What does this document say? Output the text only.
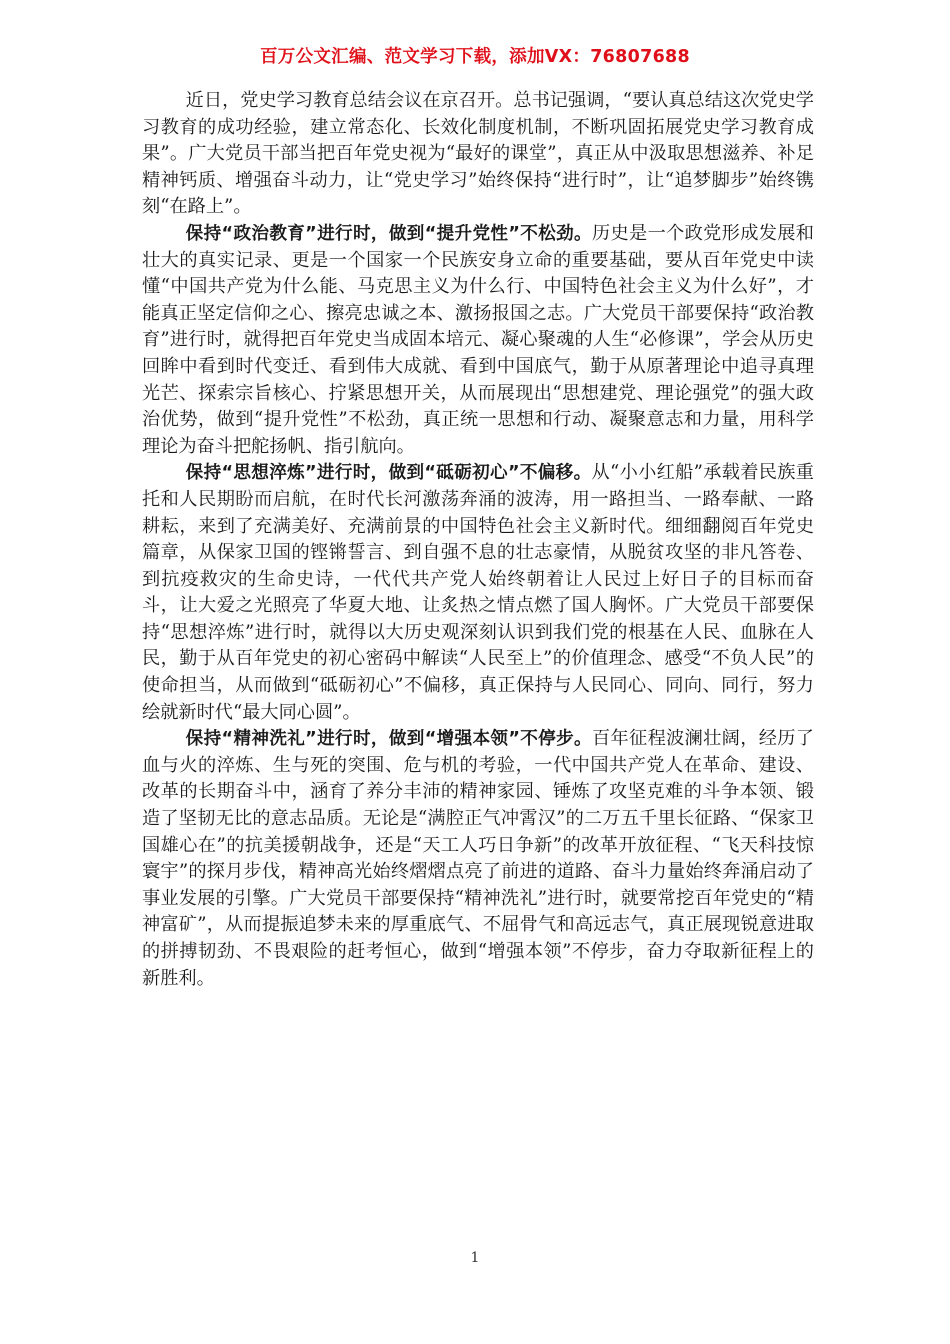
百万公文汇编、范文学习下载，添加VX：76807688

近日，党史学习教育总结会议在京召开。总书记强调，“要认真总结这次党史学习教育的成功经验，建立常态化、长效化制度机制，不断巩固拓展党史学习教育成果”。广大党员干部当把百年党史视为“最好的课堂”，真正从中汲取思想滋养、补足精神钙质、增强奋斗动力，让“党史学习”始终保持“进行时”，让“追梦脚步”始终镌刻“在路上”。

保持“政治教育”进行时，做到“提升党性”不松劲。历史是一个政党形成发展和壮大的真实记录、更是一个国家一个民族安身立命的重要基础，要从百年党史中读懂“中国共产党为什么能、马克思主义为什么行、中国特色社会主义为什么好”，才能真正坚定信仰之心、擦亮忠诚之本、激扬报国之志。广大党员干部要保持“政治教育”进行时，就得把百年党史当成固本培元、凝心聚魂的人生“必修课”，学会从历史回眸中看到时代变迁、看到伟大成就、看到中国底气，勤于从原著理论中追寻真理光芒、探索宗旨核心、拧紧思想开关，从而展现出“思想建党、理论强党”的强大政治优势，做到“提升党性”不松劲，真正统一思想和行动、凝聚意志和力量，用科学理论为奋斗把舵扬帆、指引航向。

保持“思想淬炼”进行时，做到“砥砺初心”不偏移。从“小小红船”承载着民族重托和人民期盼而启航，在时代长河激荡奔涌的波涛，用一路担当、一路奉献、一路耕耘，来到了充满美好、充满前景的中国特色社会主义新时代。细细翻阅百年党史篇章，从保家卫国的铿锵誓言、到自强不息的壮志豪情，从脱贫攻坚的非凡答卷、到抗疫救灾的生命史诗，一代代共产党人始终朝着让人民过上好日子的目标而奋斗，让大爱之光照亮了华夏大地、让炙热之情点燃了国人胸怀。广大党员干部要保持“思想淬炼”进行时，就得以大历史观深刻认识到我们党的根基在人民、血脉在人民，勤于从百年党史的初心密码中解读“人民至上”的价值理念、感受“不负人民”的使命担当，从而做到“砥砺初心”不偏移，真正保持与人民同心、同向、同行，努力绘就新时代“最大同心圆”。

保持“精神洗礼”进行时，做到“增强本领”不停步。百年征程波澜壮阔，经历了血与火的淬炼、生与死的突围、危与机的考验，一代中国共产党人在革命、建设、改革的长期奋斗中，涵育了养分丰沛的精神家园、锤炼了攻坚克难的斗争本领、锻造了坚韧无比的意志品质。无论是“满腔正气冲霄汉”的二万五千里长征路、“保家卫国雄心在”的抗美援朝战争，还是“天工人巧日争新”的改革开放征程、“飞天科技惊寰宇”的探月步伐，精神高光始终熠熠点亮了前进的道路、奋斗力量始终奔涌启动了事业发展的引擎。广大党员干部要保持“精神洗礼”进行时，就要常挖百年党史的“精神富矿”，从而提振追梦未来的厚重底气、不屈骨气和高远志气，真正展现锐意进取的拼搏韧劲、不畏艰险的赶考恒心，做到“增强本领”不停步，奋力夺取新征程上的新胜利。

1
